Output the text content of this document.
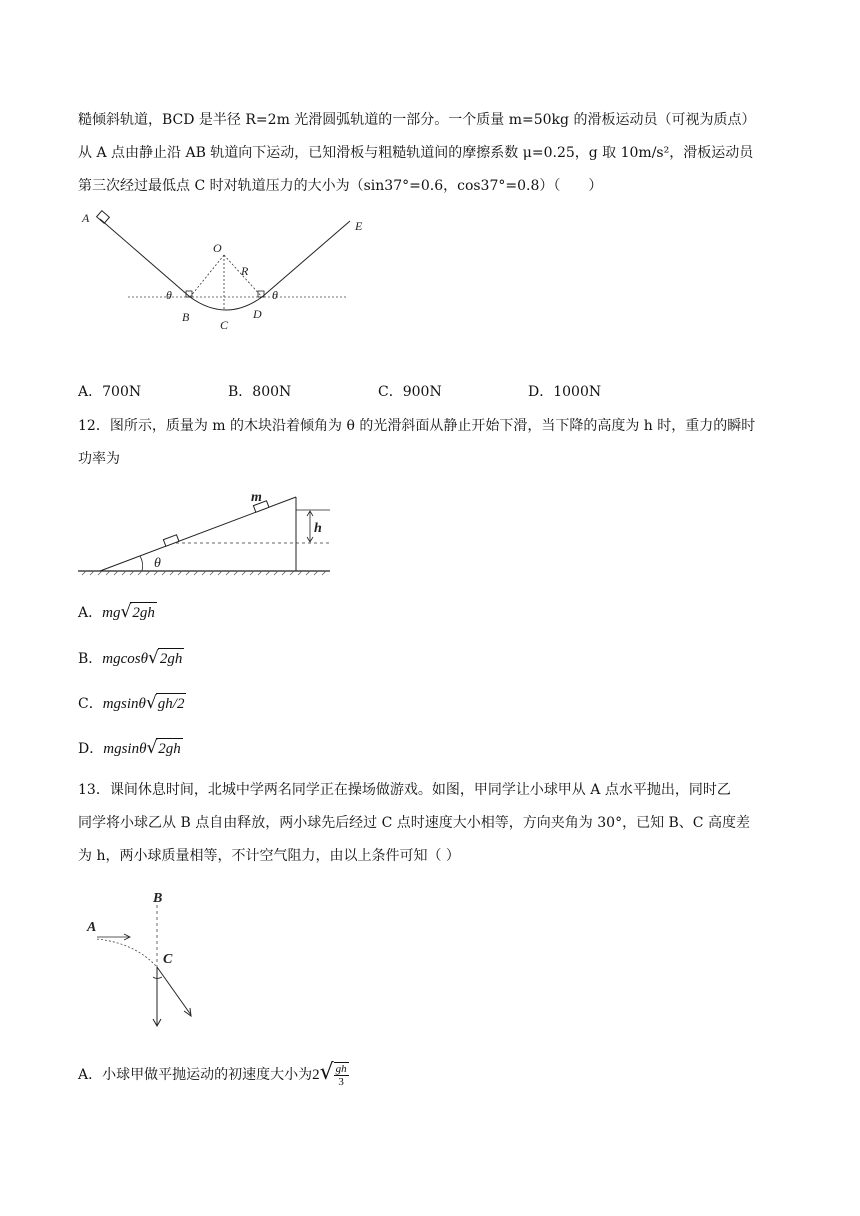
糙倾斜轨道，BCD 是半径 R=2m 光滑圆弧轨道的一部分。一个质量 m=50kg 的滑板运动员（可视为质点）
从 A 点由静止沿 AB 轨道向下运动，已知滑板与粗糙轨道间的摩擦系数 μ=0.25，g 取 10m/s²，滑板运动员
第三次经过最低点 C 时对轨道压力的大小为（sin37°=0.6，cos37°=0.8）（　　）
A
E
O
R
B
C
D
θ	θ
A．700N	B．800N	C．900N	D．1000N
12．图所示，质量为 m 的木块沿着倾角为 θ 的光滑斜面从静止开始下滑，当下降的高度为 h 时，重力的瞬时
功率为
m
h
θ
A．mg√2gh
B．mgcosθ√2gh
C．mgsinθ√gh/2
D．mgsinθ√2gh
13．课间休息时间，北城中学两名同学正在操场做游戏。如图，甲同学让小球甲从 A 点水平抛出，同时乙
同学将小球乙从 B 点自由释放，两小球先后经过 C 点时速度大小相等，方向夹角为 30°，已知 B、C 高度差
为 h，两小球质量相等，不计空气阻力，由以上条件可知（ ）
B
A
C
A．小球甲做平抛运动的初速度大小为$2√ \frac{gh}{3}$
